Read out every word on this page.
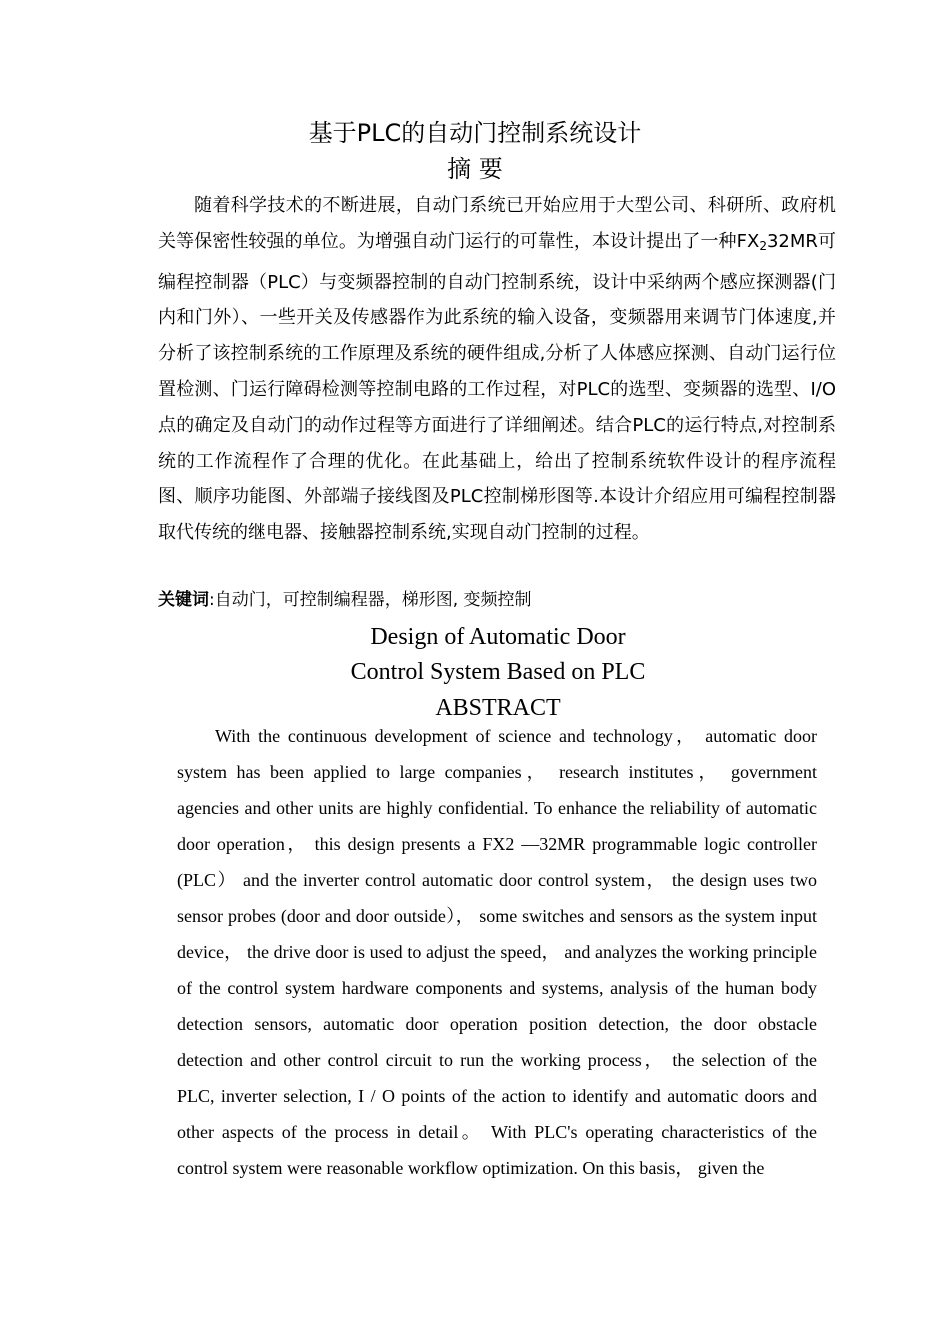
基于PLC的自动门控制系统设计
摘 要
随着科学技术的不断进展，自动门系统已开始应用于大型公司、科研所、政府机关等保密性较强的单位。为增强自动门运行的可靠性，本设计提出了一种$FX_232MR$可编程控制器（PLC）与变频器控制的自动门控制系统，设计中采纳两个感应探测器(门内和门外）、一些开关及传感器作为此系统的输入设备，变频器用来调节门体速度,并分析了该控制系统的工作原理及系统的硬件组成,分析了人体感应探测、自动门运行位置检测、门运行障碍检测等控制电路的工作过程，对PLC的选型、变频器的选型、I/O点的确定及自动门的动作过程等方面进行了详细阐述。结合PLC的运行特点,对控制系统的工作流程作了合理的优化。在此基础上，给出了控制系统软件设计的程序流程图、顺序功能图、外部端子接线图及PLC控制梯形图等.本设计介绍应用可编程控制器取代传统的继电器、接触器控制系统,实现自动门控制的过程。
关键词:自动门，可控制编程器，梯形图, 变频控制
Design of Automatic Door
Control System Based on PLC
ABSTRACT
With the continuous development of science and technology， automatic door system has been applied to large companies， research institutes， government agencies and other units are highly confidential. To enhance the reliability of automatic door operation， this design presents a FX2 —32MR programmable logic controller (PLC） and the inverter control automatic door control system， the design uses two sensor probes (door and door outside）， some switches and sensors as the system input device， the drive door is used to adjust the speed， and analyzes the working principle of the control system hardware components and systems, analysis of the human body detection sensors, automatic door operation position detection, the door obstacle detection and other control circuit to run the working process， the selection of the PLC, inverter selection, I / O points of the action to identify and automatic doors and other aspects of the process in detail。 With PLC's operating characteristics of the control system were reasonable workflow optimization. On this basis， given the
